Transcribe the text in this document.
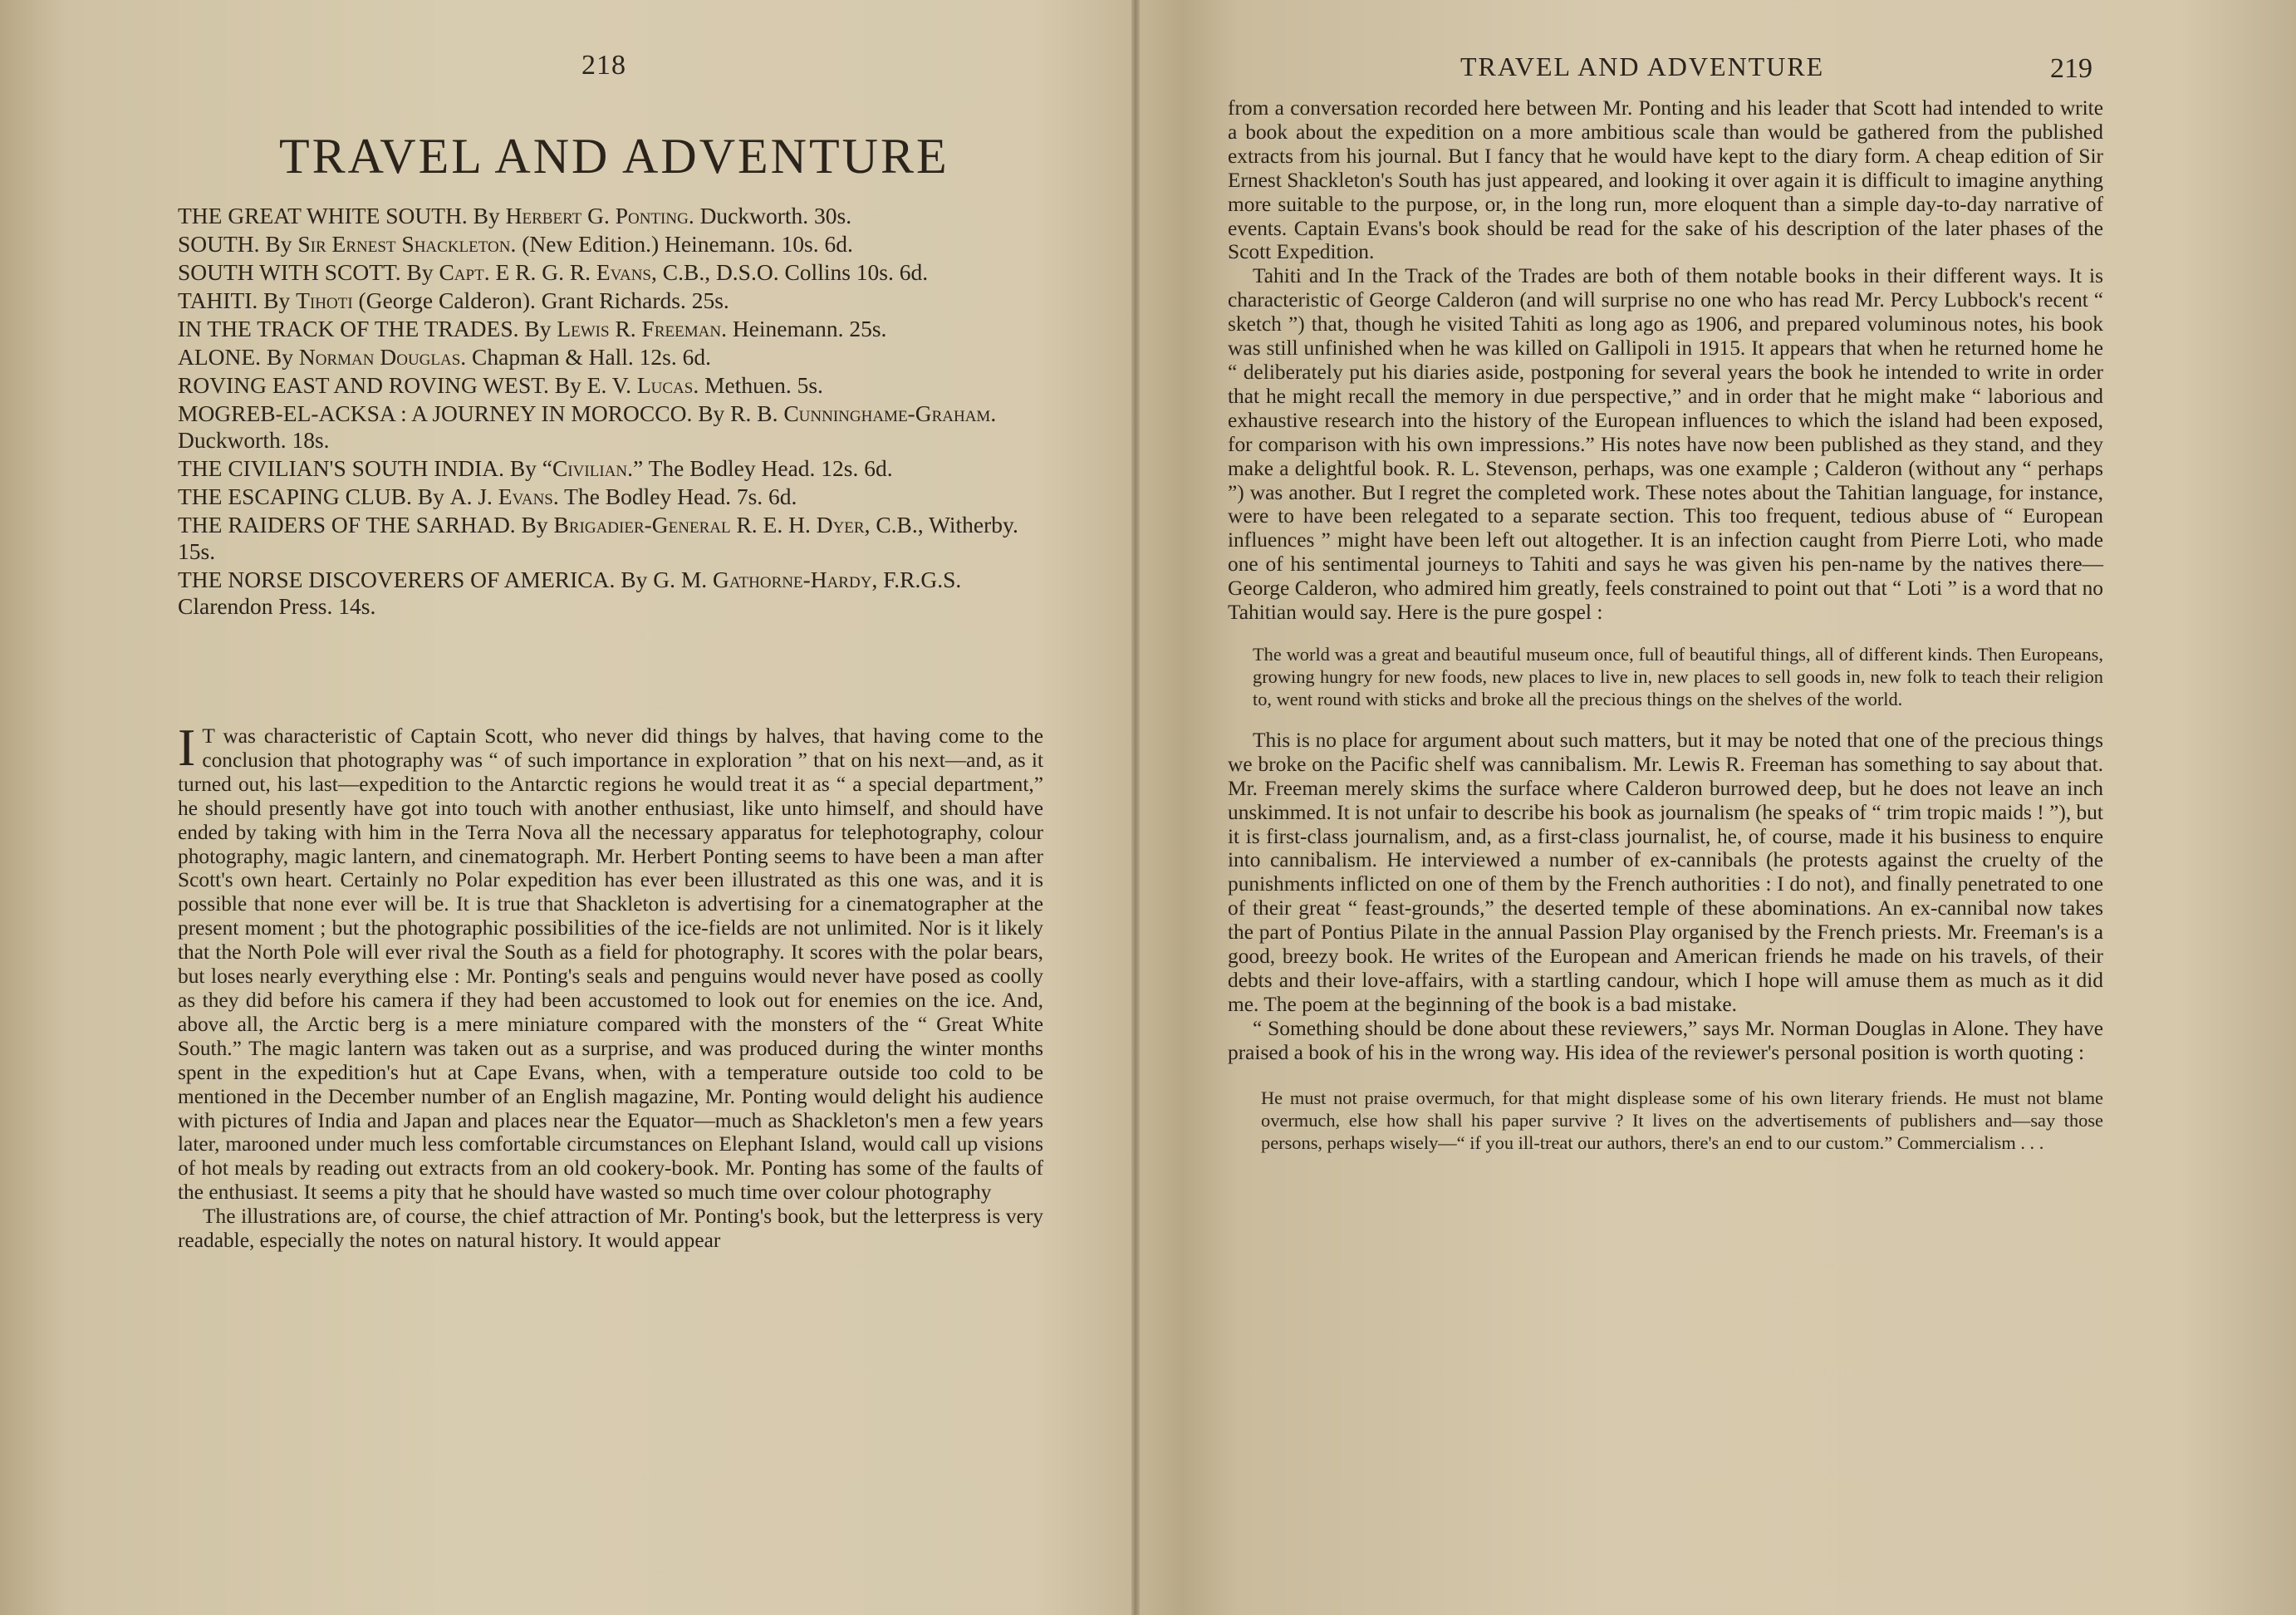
218
TRAVEL AND ADVENTURE
THE GREAT WHITE SOUTH. By Herbert G. Ponting. Duckworth. 30s.
SOUTH. By Sir Ernest Shackleton. (New Edition.) Heinemann. 10s. 6d.
SOUTH WITH SCOTT. By Capt. E R. G. R. Evans, C.B., D.S.O. Collins 10s. 6d.
TAHITI. By Tihoti (George Calderon). Grant Richards. 25s.
IN THE TRACK OF THE TRADES. By Lewis R. Freeman. Heinemann. 25s.
ALONE. By Norman Douglas. Chapman & Hall. 12s. 6d.
ROVING EAST AND ROVING WEST. By E. V. Lucas. Methuen. 5s.
MOGREB-EL-ACKSA : A JOURNEY IN MOROCCO. By R. B. Cunninghame-Graham. Duckworth. 18s.
THE CIVILIAN'S SOUTH INDIA. By “Civilian.” The Bodley Head. 12s. 6d.
THE ESCAPING CLUB. By A. J. Evans. The Bodley Head. 7s. 6d.
THE RAIDERS OF THE SARHAD. By Brigadier-General R. E. H. Dyer, C.B., Witherby. 15s.
THE NORSE DISCOVERERS OF AMERICA. By G. M. Gathorne-Hardy, F.R.G.S. Clarendon Press. 14s.

I T was characteristic of Captain Scott, who never did things by halves, that having come to the conclusion that photography was “ of such importance in exploration ” that on his next—and, as it turned out, his last—expedition to the Antarctic regions he would treat it as “ a special department,” he should presently have got into touch with another enthusiast, like unto himself, and should have ended by taking with him in the Terra Nova all the necessary apparatus for telephotography, colour photography, magic lantern, and cinematograph. Mr. Herbert Ponting seems to have been a man after Scott's own heart. Certainly no Polar expedition has ever been illustrated as this one was, and it is possible that none ever will be. It is true that Shackleton is advertising for a cinematographer at the present moment ; but the photographic possibilities of the ice-fields are not unlimited. Nor is it likely that the North Pole will ever rival the South as a field for photography. It scores with the polar bears, but loses nearly everything else : Mr. Ponting's seals and penguins would never have posed as coolly as they did before his camera if they had been accustomed to look out for enemies on the ice. And, above all, the Arctic berg is a mere miniature compared with the monsters of the “ Great White South.” The magic lantern was taken out as a surprise, and was produced during the winter months spent in the expedition's hut at Cape Evans, when, with a temperature outside too cold to be mentioned in the December number of an English magazine, Mr. Ponting would delight his audience with pictures of India and Japan and places near the Equator—much as Shackleton's men a few years later, marooned under much less comfortable circumstances on Elephant Island, would call up visions of hot meals by reading out extracts from an old cookery-book. Mr. Ponting has some of the faults of the enthusiast. It seems a pity that he should have wasted so much time over colour photography

The illustrations are, of course, the chief attraction of Mr. Ponting's book, but the letterpress is very readable, especially the notes on natural history. It would appear

TRAVEL AND ADVENTURE	219

from a conversation recorded here between Mr. Ponting and his leader that Scott had intended to write a book about the expedition on a more ambitious scale than would be gathered from the published extracts from his journal. But I fancy that he would have kept to the diary form. A cheap edition of Sir Ernest Shackleton's South has just appeared, and looking it over again it is difficult to imagine anything more suitable to the purpose, or, in the long run, more eloquent than a simple day-to-day narrative of events. Captain Evans's book should be read for the sake of his description of the later phases of the Scott Expedition.

Tahiti and In the Track of the Trades are both of them notable books in their different ways. It is characteristic of George Calderon (and will surprise no one who has read Mr. Percy Lubbock's recent “ sketch ”) that, though he visited Tahiti as long ago as 1906, and prepared voluminous notes, his book was still unfinished when he was killed on Gallipoli in 1915. It appears that when he returned home he “ deliberately put his diaries aside, postponing for several years the book he intended to write in order that he might recall the memory in due perspective,” and in order that he might make “ laborious and exhaustive research into the history of the European influences to which the island had been exposed, for comparison with his own impressions.” His notes have now been published as they stand, and they make a delightful book. R. L. Stevenson, perhaps, was one example ; Calderon (without any “ perhaps ”) was another. But I regret the completed work. These notes about the Tahitian language, for instance, were to have been relegated to a separate section. This too frequent, tedious abuse of “ European influences ” might have been left out altogether. It is an infection caught from Pierre Loti, who made one of his sentimental journeys to Tahiti and says he was given his pen-name by the natives there—George Calderon, who admired him greatly, feels constrained to point out that “ Loti ” is a word that no Tahitian would say. Here is the pure gospel :

The world was a great and beautiful museum once, full of beautiful things, all of different kinds. Then Europeans, growing hungry for new foods, new places to live in, new places to sell goods in, new folk to teach their religion to, went round with sticks and broke all the precious things on the shelves of the world.

This is no place for argument about such matters, but it may be noted that one of the precious things we broke on the Pacific shelf was cannibalism. Mr. Lewis R. Freeman has something to say about that. Mr. Freeman merely skims the surface where Calderon burrowed deep, but he does not leave an inch unskimmed. It is not unfair to describe his book as journalism (he speaks of “ trim tropic maids ! ”), but it is first-class journalism, and, as a first-class journalist, he, of course, made it his business to enquire into cannibalism. He interviewed a number of ex-cannibals (he protests against the cruelty of the punishments inflicted on one of them by the French authorities : I do not), and finally penetrated to one of their great “ feast-grounds,” the deserted temple of these abominations. An ex-cannibal now takes the part of Pontius Pilate in the annual Passion Play organised by the French priests. Mr. Freeman's is a good, breezy book. He writes of the European and American friends he made on his travels, of their debts and their love-affairs, with a startling candour, which I hope will amuse them as much as it did me. The poem at the beginning of the book is a bad mistake.

“ Something should be done about these reviewers,” says Mr. Norman Douglas in Alone. They have praised a book of his in the wrong way. His idea of the reviewer's personal position is worth quoting :

He must not praise overmuch, for that might displease some of his own literary friends. He must not blame overmuch, else how shall his paper survive ? It lives on the advertisements of publishers and—say those persons, perhaps wisely—“ if you ill-treat our authors, there's an end to our custom.” Commercialism . . .
